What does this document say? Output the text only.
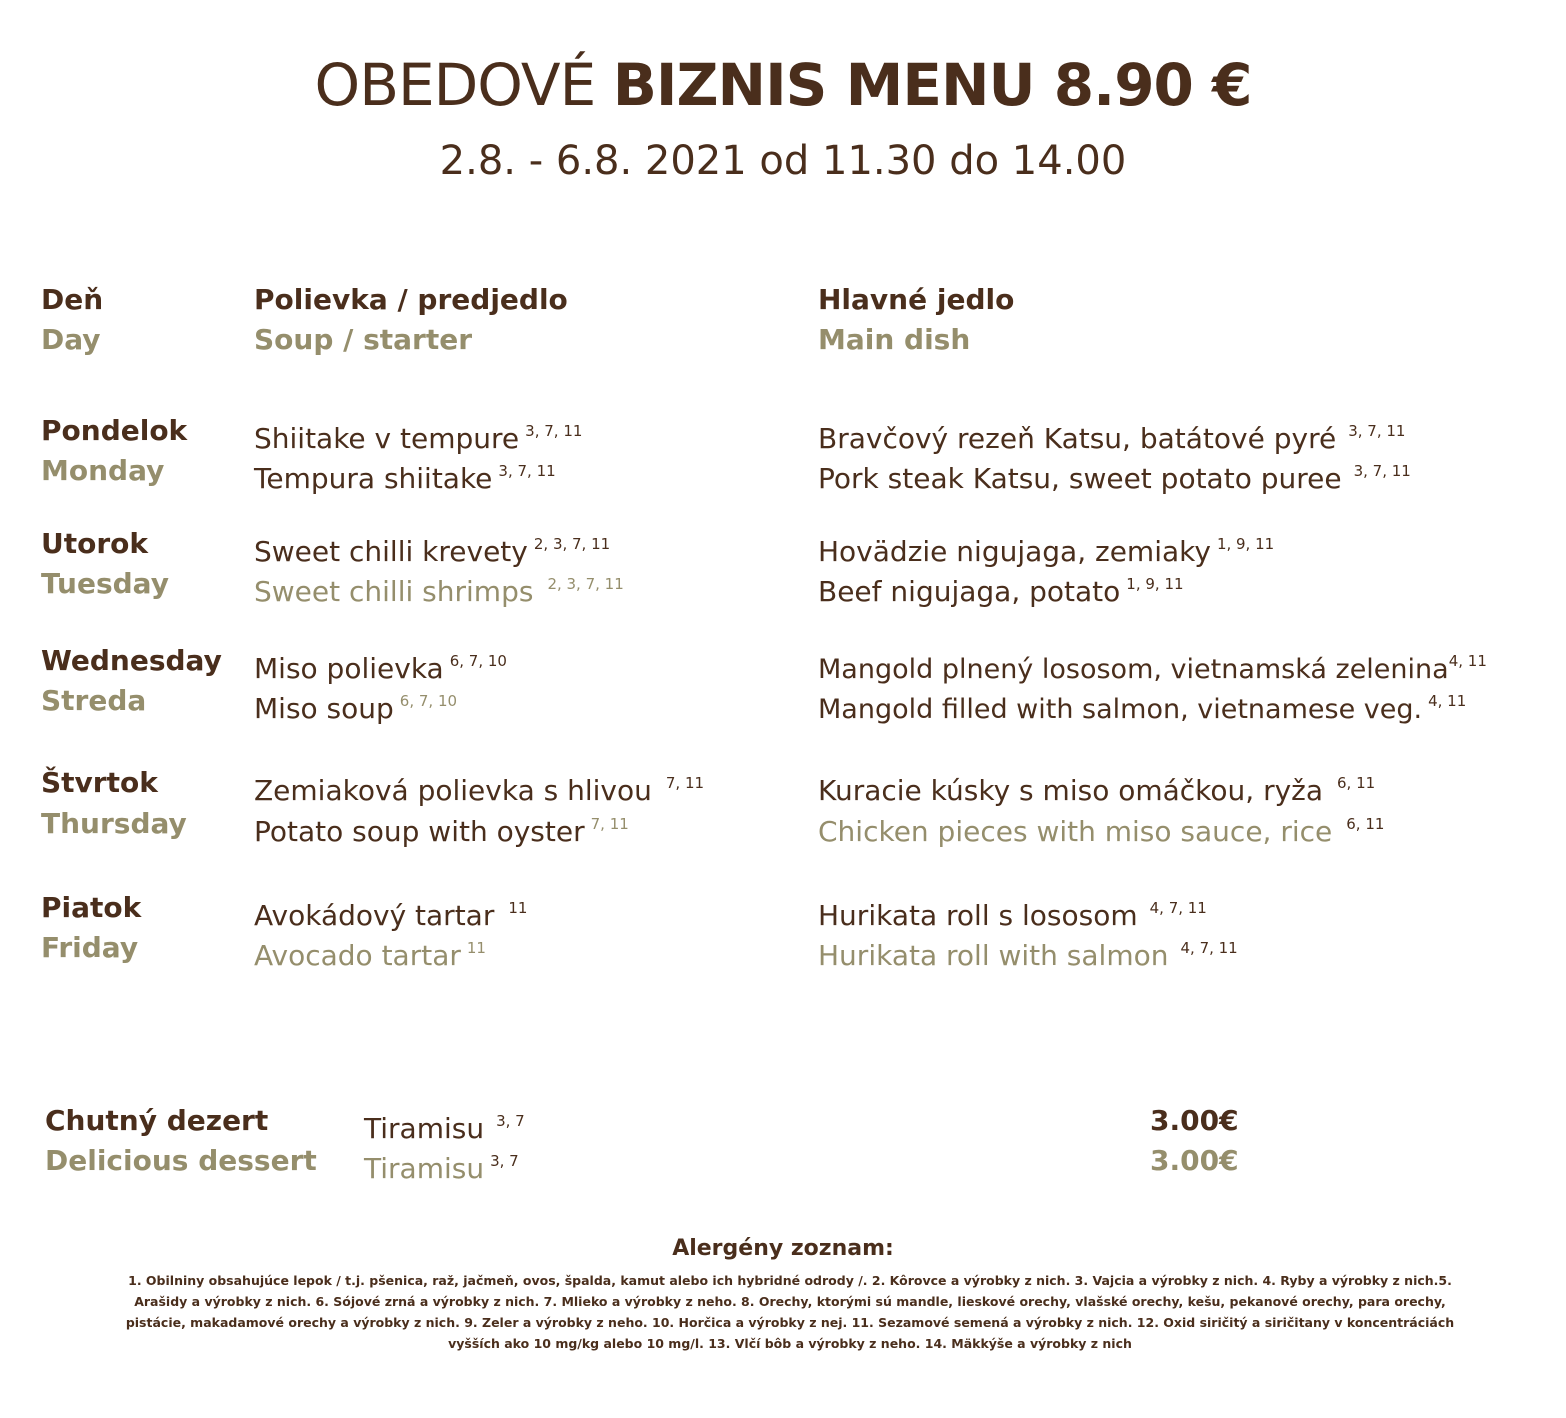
OBEDOVÉ BIZNIS MENU 8.90 €
2.8. - 6.8. 2021 od 11.30 do 14.00
Deň
Day
Polievka / predjedlo
Soup / starter
Hlavné jedlo
Main dish
Pondelok
Monday
Shiitake v tempure $^{3, 7, 11}$
Tempura shiitake $^{3, 7, 11}$
Bravčový rezeň Katsu, batátové pyré $^{3, 7, 11}$
Pork steak Katsu, sweet potato puree $^{3, 7, 11}$
Utorok
Tuesday
Sweet chilli krevety $^{2, 3, 7, 11}$
Sweet chilli shrimps $^{2, 3, 7, 11}$
Hovädzie nigujaga, zemiaky $^{1, 9, 11}$
Beef nigujaga, potato $^{1, 9, 11}$
Wednesday
Streda
Miso polievka $^{6, 7, 10}$
Miso soup $^{6, 7, 10}$
Mangold plnený lososom, vietnamská zelenina$^{4, 11}$
Mangold filled with salmon, vietnamese veg. $^{4, 11}$
Štvrtok
Thursday
Zemiaková polievka s hlivou $^{7, 11}$
Potato soup with oyster $^{7, 11}$
Kuracie kúsky s miso omáčkou, ryža $^{6, 11}$
Chicken pieces with miso sauce, rice $^{6, 11}$
Piatok
Friday
Avokádový tartar $^{11}$
Avocado tartar $^{11}$
Hurikata roll s lososom $^{4, 7, 11}$
Hurikata roll with salmon $^{4, 7, 11}$
Chutný dezert
Delicious dessert
Tiramisu $^{3, 7}$
Tiramisu $^{3, 7}$
3.00€
3.00€
Alergény zoznam:
1. Obilniny obsahujúce lepok / t.j. pšenica, raž, jačmeň, ovos, špalda, kamut alebo ich hybridné odrody /. 2. Kôrovce a výrobky z nich. 3. Vajcia a výrobky z nich. 4. Ryby a výrobky z nich.5. Arašidy a výrobky z nich. 6. Sójové zrná a výrobky z nich. 7. Mlieko a výrobky z neho. 8. Orechy, ktorými sú mandle, lieskové orechy, vlašské orechy, kešu, pekanové orechy, para orechy, pistácie, makadamové orechy a výrobky z nich. 9. Zeler a výrobky z neho. 10. Horčica a výrobky z nej. 11. Sezamové semená a výrobky z nich. 12. Oxid siričitý a siričitany v koncentráciách vyšších ako 10 mg/kg alebo 10 mg/l. 13. Vlčí bôb a výrobky z neho. 14. Mäkkýše a výrobky z nich
